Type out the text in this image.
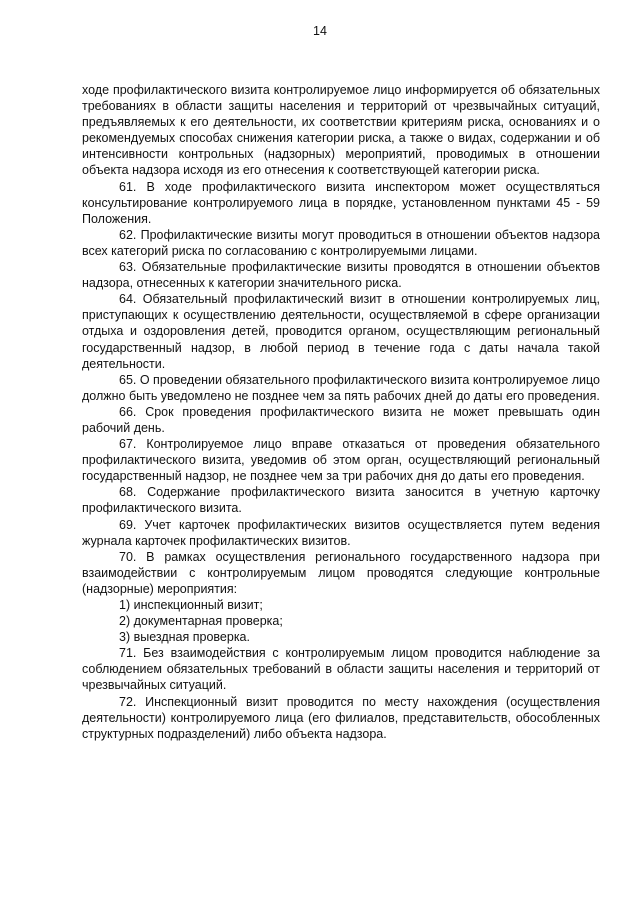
14

ходе профилактического визита контролируемое лицо информируется об обязательных требованиях в области защиты населения и территорий от чрезвычайных ситуаций, предъявляемых к его деятельности, их соответствии критериям риска, основаниях и о рекомендуемых способах снижения категории риска, а также о видах, содержании и об интенсивности контрольных (надзорных) мероприятий, проводимых в отношении объекта надзора исходя из его отнесения к соответствующей категории риска.

61. В ходе профилактического визита инспектором может осуществляться консультирование контролируемого лица в порядке, установленном пунктами 45 - 59 Положения.

62. Профилактические визиты могут проводиться в отношении объектов надзора всех категорий риска по согласованию с контролируемыми лицами.

63. Обязательные профилактические визиты проводятся в отношении объектов надзора, отнесенных к категории значительного риска.

64. Обязательный профилактический визит в отношении контролируемых лиц, приступающих к осуществлению деятельности, осуществляемой в сфере организации отдыха и оздоровления детей, проводится органом, осуществляющим региональный государственный надзор, в любой период в течение года с даты начала такой деятельности.

65. О проведении обязательного профилактического визита контролируемое лицо должно быть уведомлено не позднее чем за пять рабочих дней до даты его проведения.

66. Срок проведения профилактического визита не может превышать один рабочий день.

67. Контролируемое лицо вправе отказаться от проведения обязательного профилактического визита, уведомив об этом орган, осуществляющий региональный государственный надзор, не позднее чем за три рабочих дня до даты его проведения.

68. Содержание профилактического визита заносится в учетную карточку профилактического визита.

69. Учет карточек профилактических визитов осуществляется путем ведения журнала карточек профилактических визитов.

70. В рамках осуществления регионального государственного надзора при взаимодействии с контролируемым лицом проводятся следующие контрольные (надзорные) мероприятия:

1) инспекционный визит;

2) документарная проверка;

3) выездная проверка.

71. Без взаимодействия с контролируемым лицом проводится наблюдение за соблюдением обязательных требований в области защиты населения и территорий от чрезвычайных ситуаций.

72. Инспекционный визит проводится по месту нахождения (осуществления деятельности) контролируемого лица (его филиалов, представительств, обособленных структурных подразделений) либо объекта надзора.
